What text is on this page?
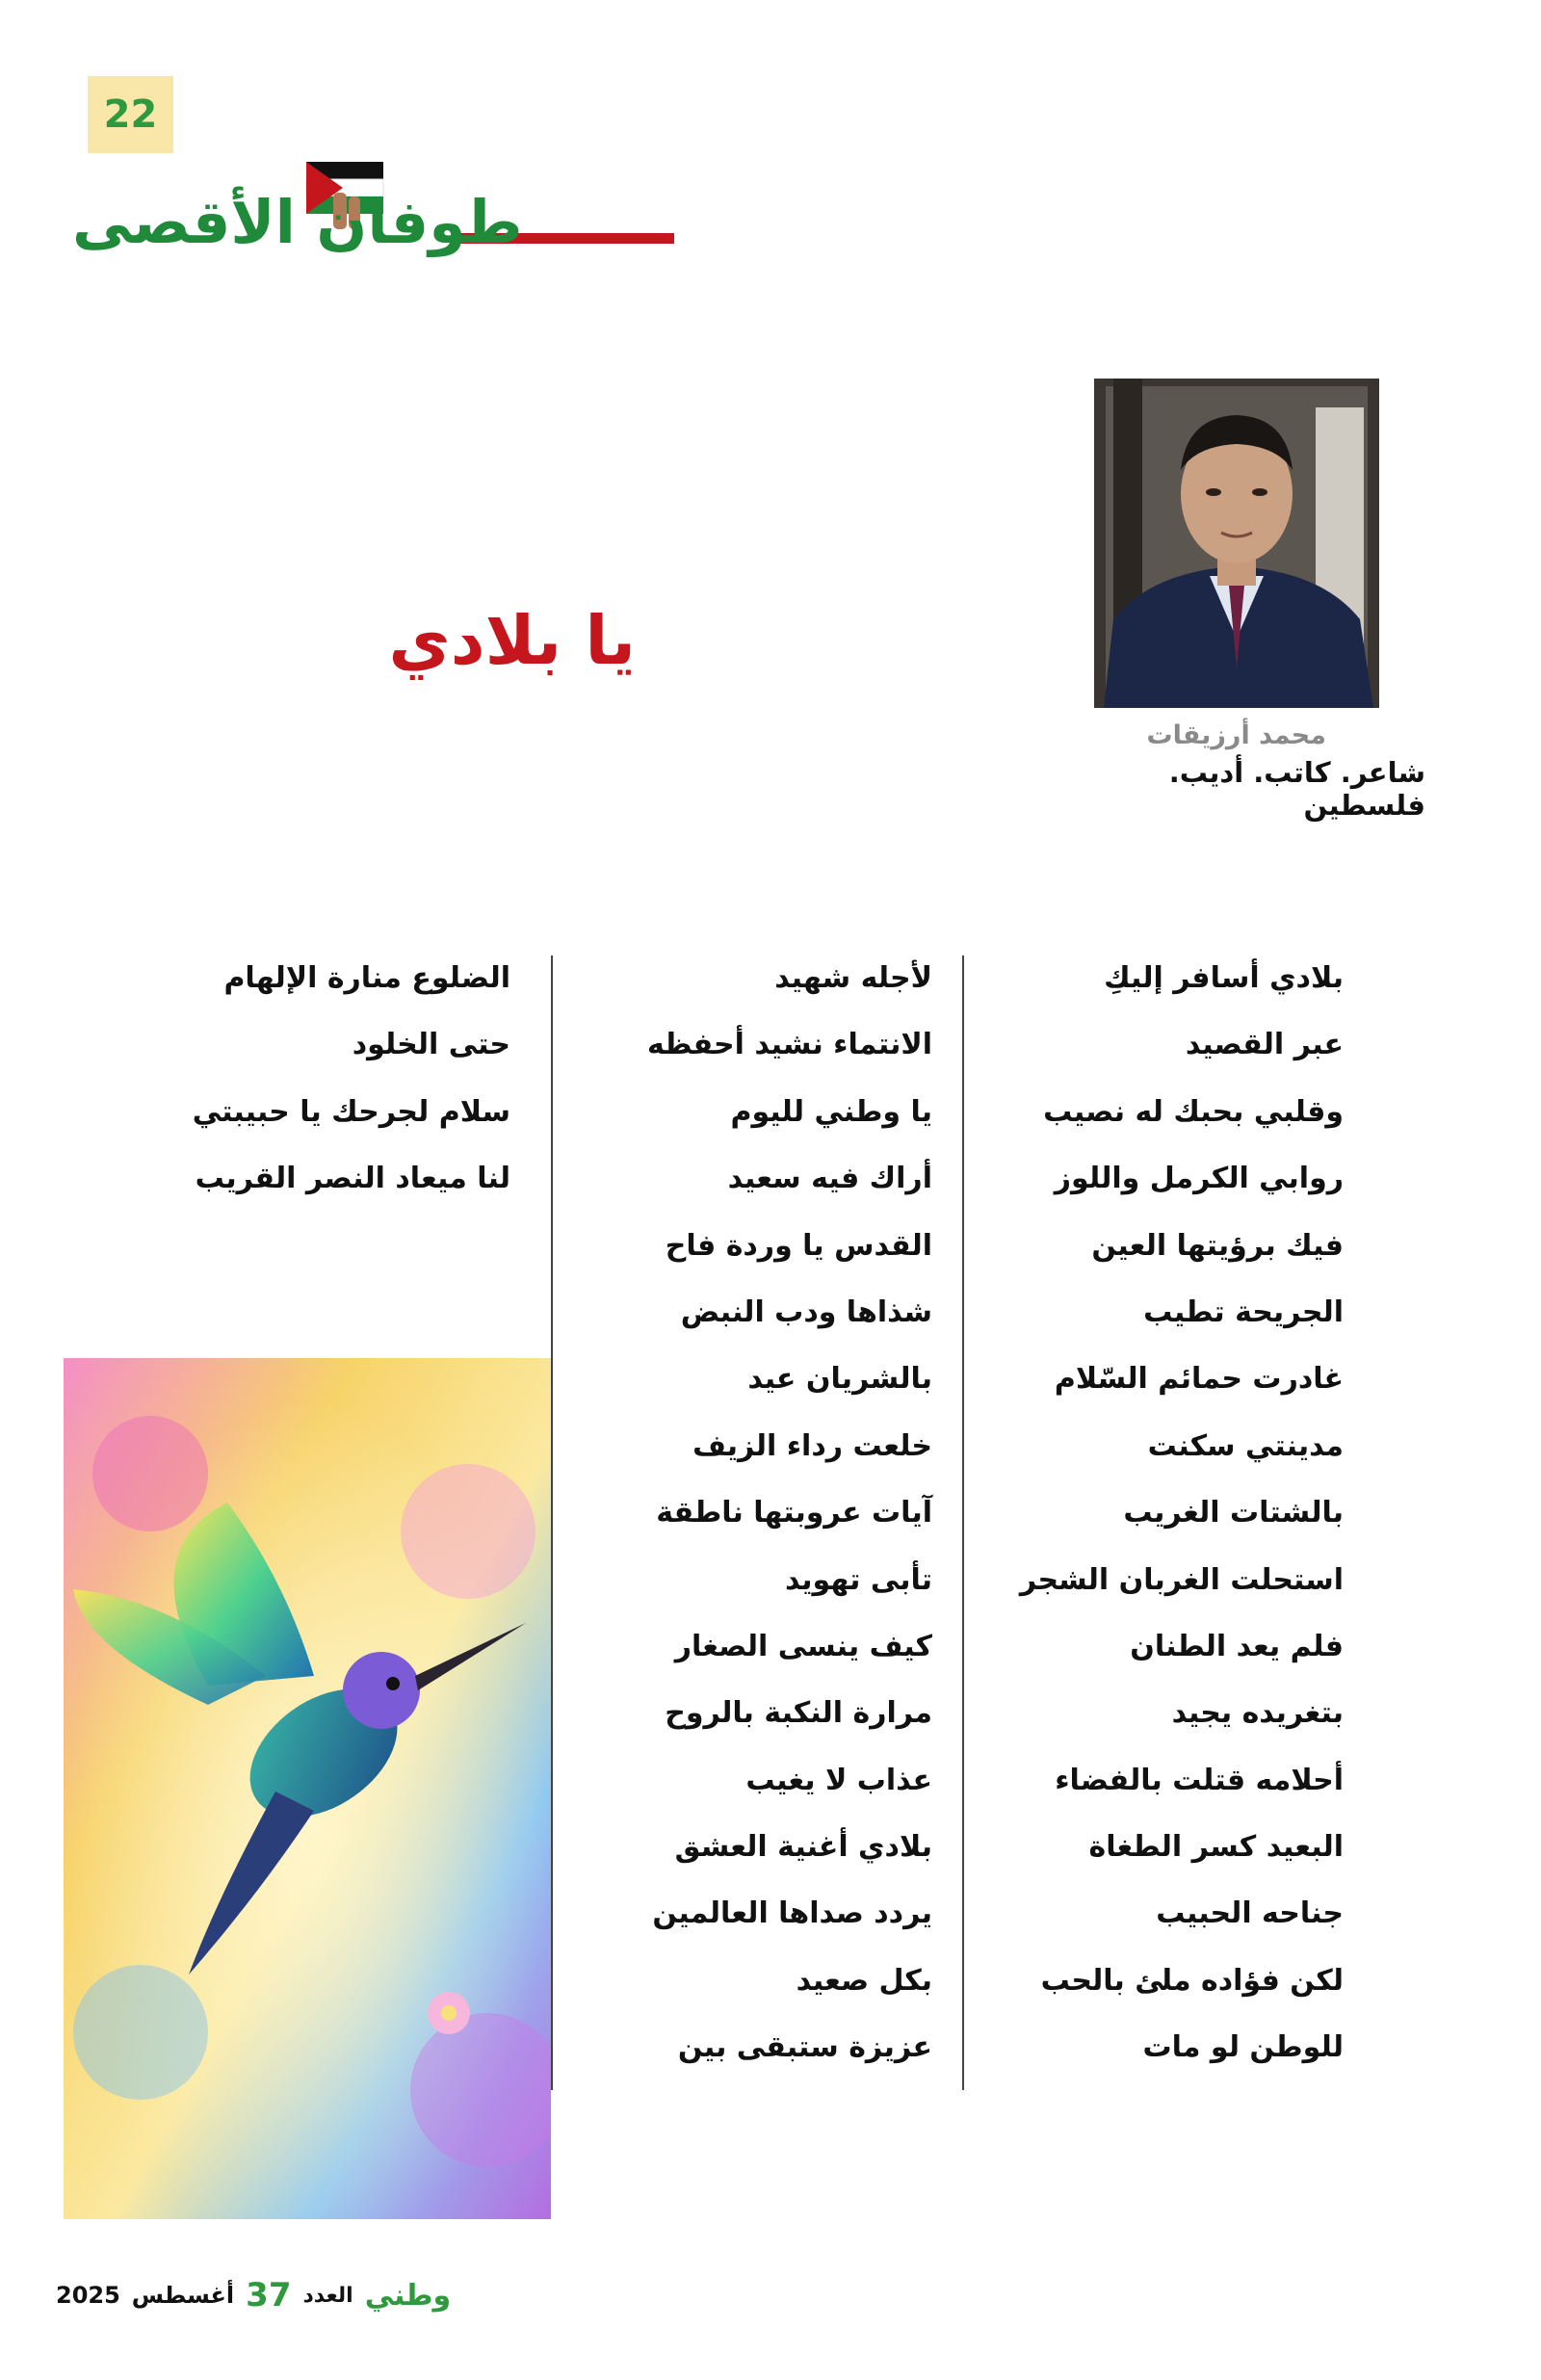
22
طوفان الأقصى
محمد أرزيقات
شاعر. كاتب. أديب. فلسطين
يا بلادي
بلادي أسافر إليكِ
عبر القصيد
وقلبي بحبك له نصيب
روابي الكرمل واللوز
فيك برؤيتها العين
الجريحة تطيب
غادرت حمائم السّلام
مدينتي سكنت
بالشتات الغريب
استحلت الغربان الشجر
فلم يعد الطنان
بتغريده يجيد
أحلامه قتلت بالفضاء
البعيد كسر الطغاة
جناحه الحبيب
لكن فؤاده ملئ بالحب
للوطن لو مات
لأجله شهيد
الانتماء نشيد أحفظه
يا وطني لليوم
أراك فيه سعيد
القدس يا وردة فاح
شذاها ودب النبض
بالشريان عيد
خلعت رداء الزيف
آيات عروبتها ناطقة
تأبى تهويد
كيف ينسى الصغار
مرارة النكبة بالروح
عذاب لا يغيب
بلادي أغنية العشق
يردد صداها العالمين
بكل صعيد
عزيزة ستبقى بين
الضلوع منارة الإلهام
حتى الخلود
سلام لجرحك يا حبيبتي
لنا ميعاد النصر القريب
2025 أغسطس 37 العدد وطني
